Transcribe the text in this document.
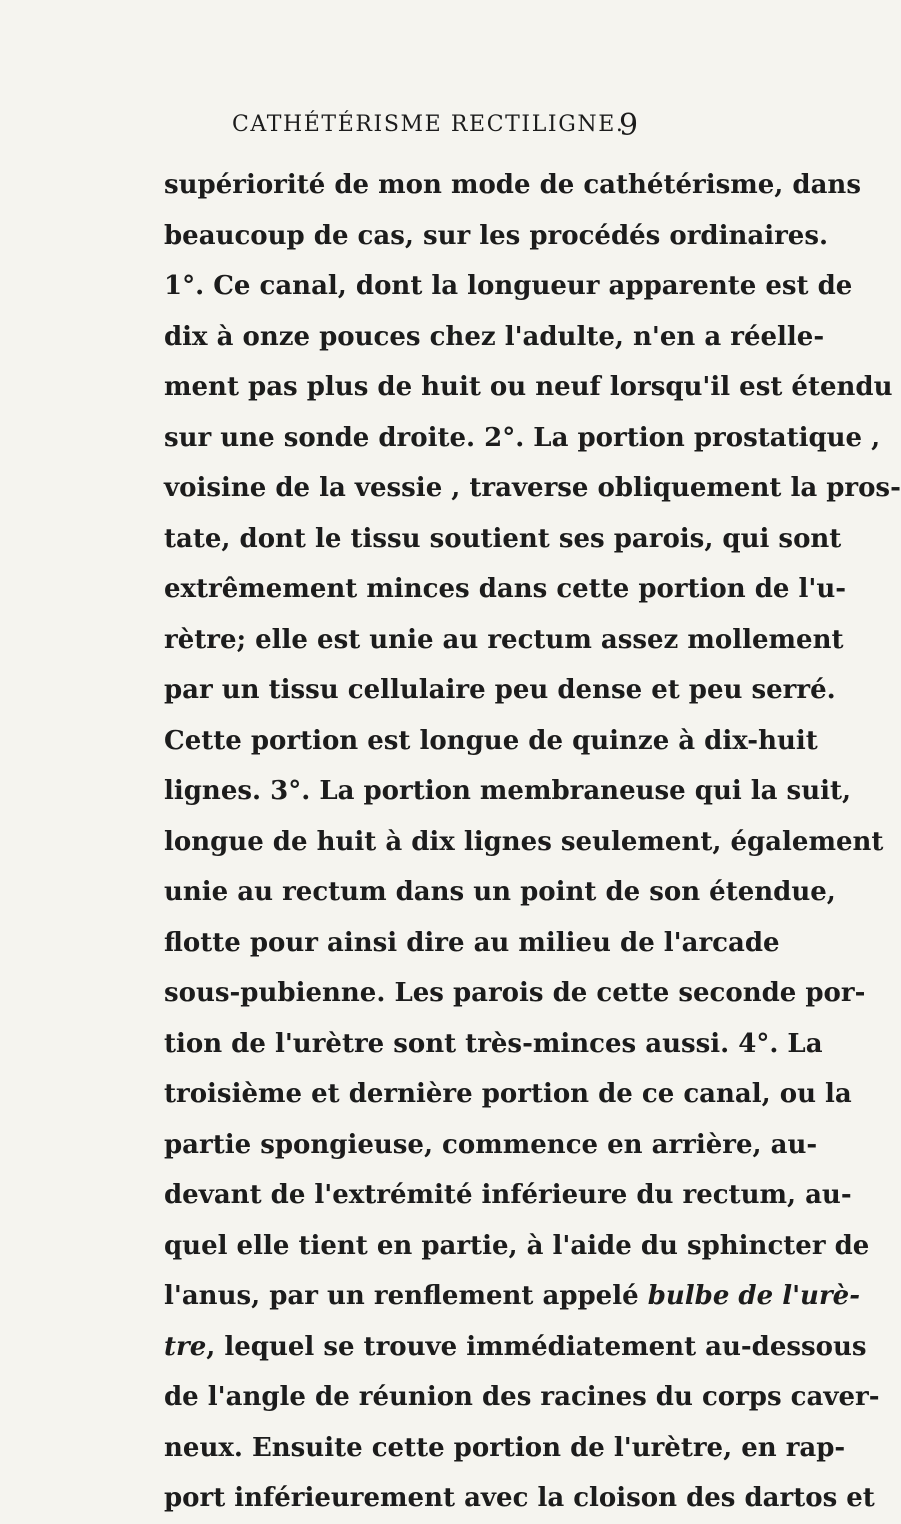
CATHÉTÉRISME RECTILIGNE.
9
supériorité de mon mode de cathétérisme, dans
beaucoup de cas, sur les procédés ordinaires.
1°. Ce canal, dont la longueur apparente est de
dix à onze pouces chez l'adulte, n'en a réelle-
ment pas plus de huit ou neuf lorsqu'il est étendu
sur une sonde droite. 2°. La portion prostatique ,
voisine de la vessie , traverse obliquement la pros-
tate, dont le tissu soutient ses parois, qui sont
extrêmement minces dans cette portion de l'u-
rètre; elle est unie au rectum assez mollement
par un tissu cellulaire peu dense et peu serré.
Cette portion est longue de quinze à dix-huit
lignes. 3°. La portion membraneuse qui la suit,
longue de huit à dix lignes seulement, également
unie au rectum dans un point de son étendue,
flotte pour ainsi dire au milieu de l'arcade
sous-pubienne. Les parois de cette seconde por-
tion de l'urètre sont très-minces aussi. 4°. La
troisième et dernière portion de ce canal, ou la
partie spongieuse, commence en arrière, au-
devant de l'extrémité inférieure du rectum, au-
quel elle tient en partie, à l'aide du sphincter de
l'anus, par un renflement appelé bulbe de l'urè-
tre, lequel se trouve immédiatement au-dessous
de l'angle de réunion des racines du corps caver-
neux. Ensuite cette portion de l'urètre, en rap-
port inférieurement avec la cloison des dartos et
